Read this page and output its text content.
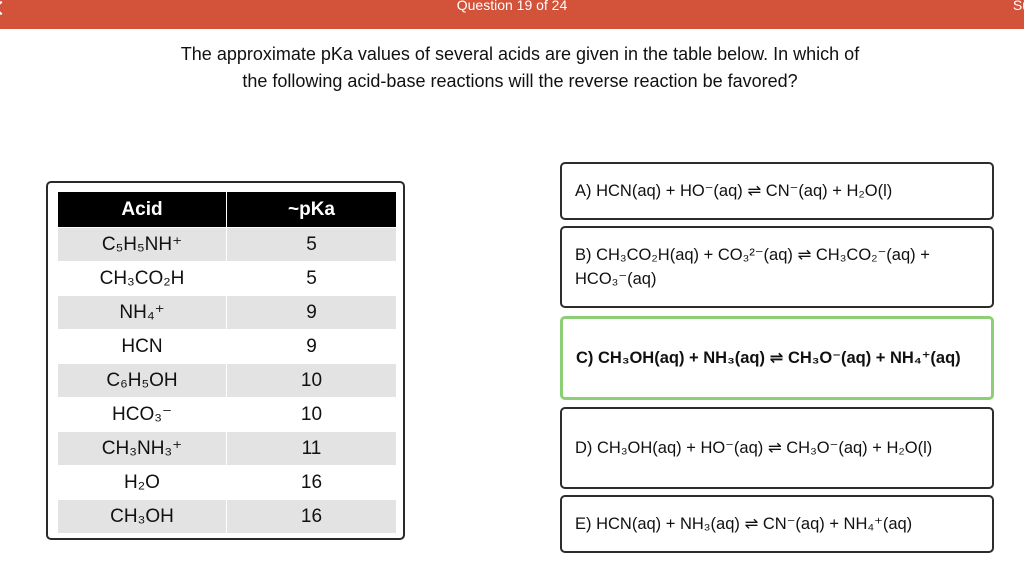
Question 19 of 24	Su
The approximate pKa values of several acids are given in the table below. In which of the following acid-base reactions will the reverse reaction be favored?
Acid	~pKa
C₅H₅NH⁺	5
CH₃CO₂H	5
NH₄⁺	9
HCN	9
C₆H₅OH	10
HCO₃⁻	10
CH₃NH₃⁺	11
H₂O	16
CH₃OH	16
A) HCN(aq) + HO⁻(aq) ⇌ CN⁻(aq) + H₂O(l)
B) CH₃CO₂H(aq) + CO₃²⁻(aq) ⇌ CH₃CO₂⁻(aq) + HCO₃⁻(aq)
C) CH₃OH(aq) + NH₃(aq) ⇌ CH₃O⁻(aq) + NH₄⁺(aq)
D) CH₃OH(aq) + HO⁻(aq) ⇌ CH₃O⁻(aq) + H₂O(l)
E) HCN(aq) + NH₃(aq) ⇌ CN⁻(aq) + NH₄⁺(aq)
